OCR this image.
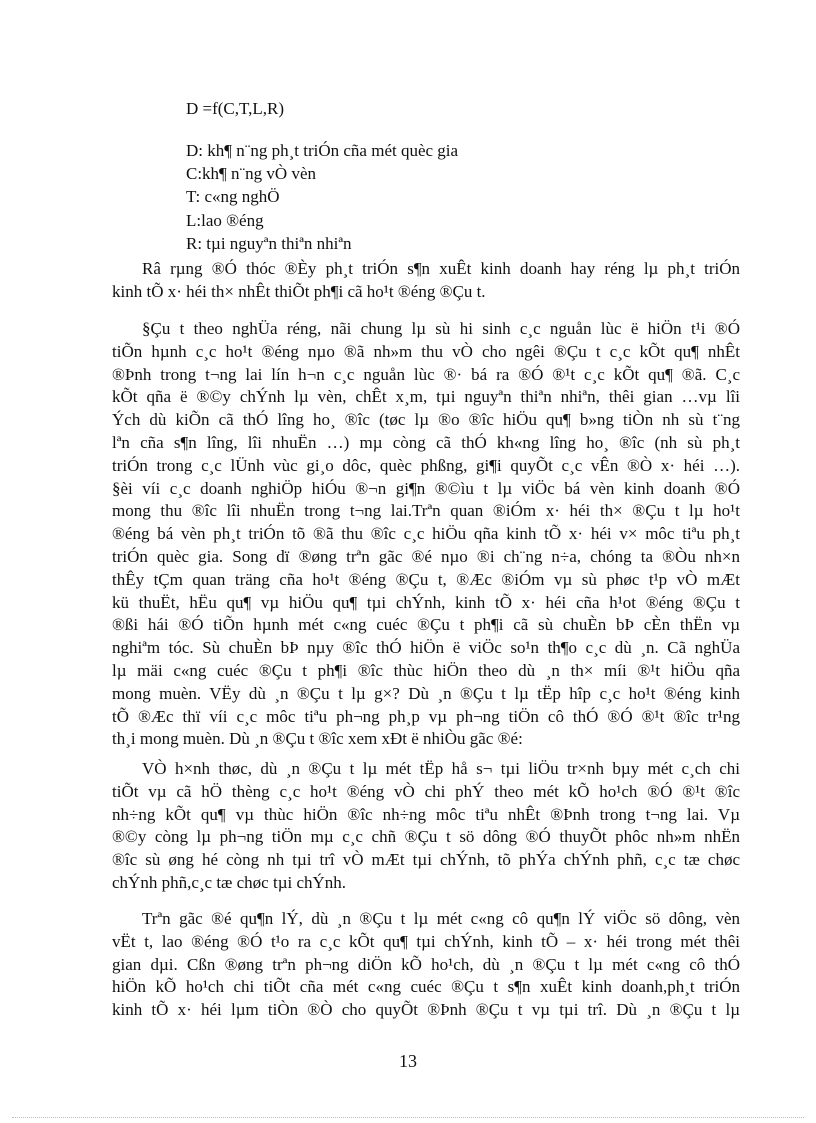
D =f(C,T,L,R)
D: kh¶ n¨ng ph¸t triÓn cña mét quèc gia
C:kh¶ n¨ng vÒ vèn
T: c«ng nghÖ
L:lao ®éng
R: tµi nguyªn thiªn nhiªn
Râ rµng ®Ó thóc ®Èy ph¸t triÓn s¶n xuÊt kinh doanh hay réng lµ ph¸t triÓn
kinh tÕ x· héi th× nhÊt thiÕt ph¶i cã ho¹t ®éng ®Çu t.
§Çu t theo nghÜa réng, nãi chung lµ sù hi sinh c¸c nguån lùc ë hiÖn t¹i ®Ó
tiÕn hµnh c¸c ho¹t ®éng nµo ®ã nh»m thu vÒ cho ngêi ®Çu t c¸c kÕt qu¶ nhÊt
®Þnh trong t¬ng lai lín h¬n c¸c nguån lùc ®· bá ra ®Ó ®¹t c¸c kÕt qu¶ ®ã. C¸c
kÕt qña ë ®©y chÝnh lµ vèn, chÊt x¸m, tµi nguyªn thiªn nhiªn, thêi gian …vµ lîi
Ých dù kiÕn cã thÓ lîng ho¸ ®îc (tøc lµ ®o ®îc hiÖu qu¶ b»ng tiÒn nh sù t¨ng
lªn cña s¶n lîng, lîi nhuËn …) mµ còng cã thÓ kh«ng lîng ho¸ ®îc (nh sù ph¸t
triÓn trong c¸c lÜnh vùc gi¸o dôc, quèc phßng, gi¶i quyÕt c¸c vÊn ®Ò x· héi …).
§èi víi c¸c doanh nghiÖp hiÓu ®¬n gi¶n ®©ìu t lµ viÖc bá vèn kinh doanh ®Ó
mong thu ®îc lîi nhuËn trong t¬ng lai.Trªn quan ®iÓm x· héi th× ®Çu t lµ ho¹t
®éng bá vèn ph¸t triÓn tõ ®ã thu ®îc c¸c hiÖu qña kinh tÕ x· héi v× môc tiªu ph¸t
triÓn quèc gia. Song dï ®øng trªn gãc ®é nµo ®i ch¨ng n÷a, chóng ta ®Òu nh×n
thÊy tÇm quan träng cña ho¹t ®éng ®Çu t, ®Æc ®iÓm vµ sù phøc t¹p vÒ mÆt
kü thuËt, hËu qu¶ vµ hiÖu qu¶ tµi chÝnh, kinh tÕ x· héi cña h¹ot ®éng ®Çu t
®ßi hái ®Ó tiÕn hµnh mét c«ng cuéc ®Çu t ph¶i cã sù chuÈn bÞ cÈn thËn vµ
nghiªm tóc. Sù chuÈn bÞ nµy ®îc thÓ hiÖn ë viÖc so¹n th¶o c¸c dù ¸n. Cã nghÜa
lµ mäi c«ng cuéc ®Çu t ph¶i ®îc thùc hiÖn theo dù ¸n th× míi ®¹t hiÖu qña
mong muèn. VËy dù ¸n ®Çu t lµ g×? Dù ¸n ®Çu t lµ tËp hîp c¸c ho¹t ®éng kinh
tÕ ®Æc thï víi c¸c môc tiªu ph¬ng ph¸p vµ ph¬ng tiÖn cô thÓ ®Ó ®¹t ®îc tr¹ng
th¸i mong muèn. Dù ¸n ®Çu t ®îc xem xÐt ë nhiÒu gãc ®é:
VÒ h×nh thøc, dù ¸n ®Çu t lµ mét tËp hå s¬ tµi liÖu tr×nh bµy mét c¸ch chi
tiÕt vµ cã hÖ thèng c¸c ho¹t ®éng vÒ chi phÝ theo mét kÕ ho¹ch ®Ó ®¹t ®îc
nh÷ng kÕt qu¶ vµ thùc hiÖn ®îc nh÷ng môc tiªu nhÊt ®Þnh trong t¬ng lai. Vµ
®©y còng lµ ph¬ng tiÖn mµ c¸c chñ ®Çu t sö dông ®Ó thuyÕt phôc nh»m nhËn
®îc sù øng hé còng nh tµi trî vÒ mÆt tµi chÝnh, tõ phÝa chÝnh phñ, c¸c tæ chøc
chÝnh phñ,c¸c tæ chøc tµi chÝnh.
Trªn gãc ®é qu¶n lÝ, dù ¸n ®Çu t lµ mét c«ng cô qu¶n lÝ viÖc sö dông, vèn
vËt t, lao ®éng ®Ó t¹o ra c¸c kÕt qu¶ tµi chÝnh, kinh tÕ – x· héi trong mét thêi
gian dµi. Cßn ®øng trªn ph¬ng diÖn kÕ ho¹ch, dù ¸n ®Çu t lµ mét c«ng cô thÓ
hiÖn kÕ ho¹ch chi tiÕt cña mét c«ng cuéc ®Çu t s¶n xuÊt kinh doanh,ph¸t triÓn
kinh tÕ x· héi lµm tiÒn ®Ò cho quyÕt ®Þnh ®Çu t vµ tµi trî. Dù ¸n ®Çu t lµ
13
